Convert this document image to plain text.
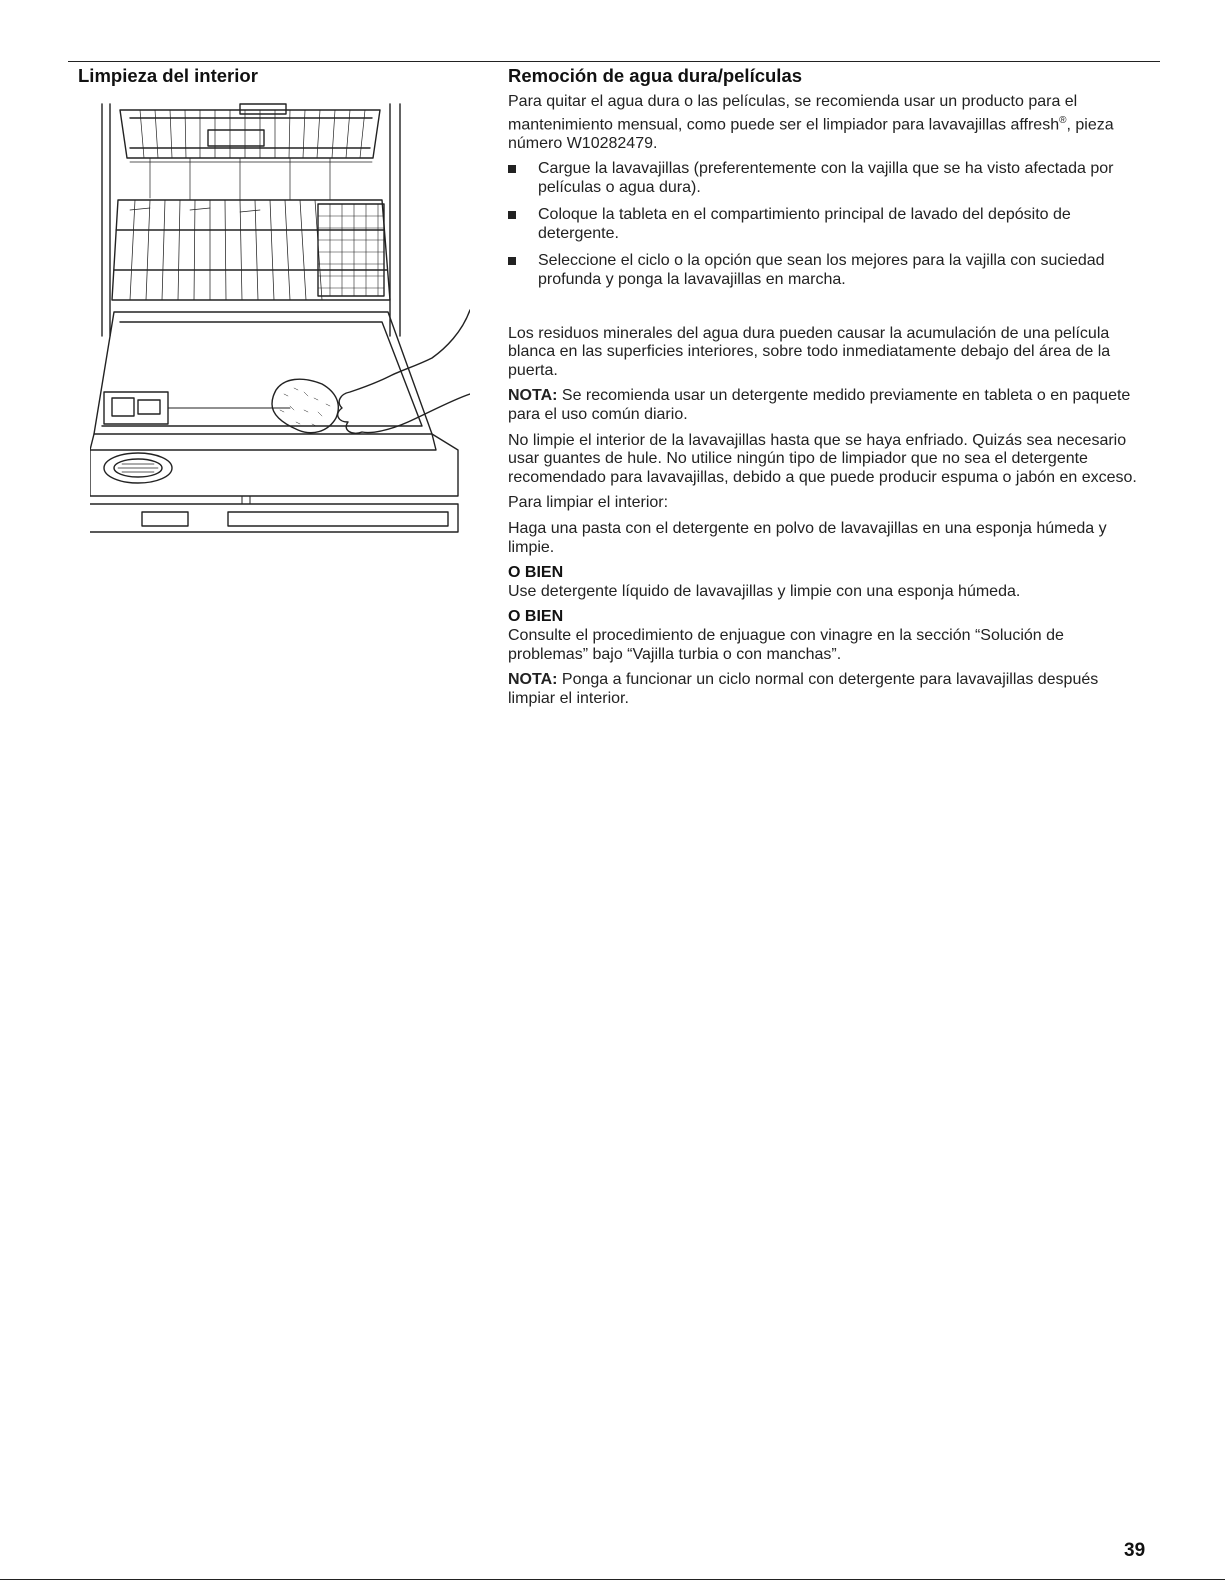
Limpieza del interior	Remoción de agua dura/películas

Para quitar el agua dura o las películas, se recomienda usar un producto para el mantenimiento mensual, como puede ser el limpiador para lavavajillas affresh®, pieza número W10282479.

Cargue la lavavajillas (preferentemente con la vajilla que se ha visto afectada por películas o agua dura).
Coloque la tableta en el compartimiento principal de lavado del depósito de detergente.
Seleccione el ciclo o la opción que sean los mejores para la vajilla con suciedad profunda y ponga la lavavajillas en marcha.

Los residuos minerales del agua dura pueden causar la acumulación de una película blanca en las superficies interiores, sobre todo inmediatamente debajo del área de la puerta.

NOTA: Se recomienda usar un detergente medido previamente en tableta o en paquete para el uso común diario.

No limpie el interior de la lavavajillas hasta que se haya enfriado. Quizás sea necesario usar guantes de hule. No utilice ningún tipo de limpiador que no sea el detergente recomendado para lavavajillas, debido a que puede producir espuma o jabón en exceso.

Para limpiar el interior:

Haga una pasta con el detergente en polvo de lavavajillas en una esponja húmeda y limpie.

O BIEN

Use detergente líquido de lavavajillas y limpie con una esponja húmeda.

O BIEN

Consulte el procedimiento de enjuague con vinagre en la sección “Solución de problemas” bajo “Vajilla turbia o con manchas”.

NOTA: Ponga a funcionar un ciclo normal con detergente para lavavajillas después limpiar el interior.

39
